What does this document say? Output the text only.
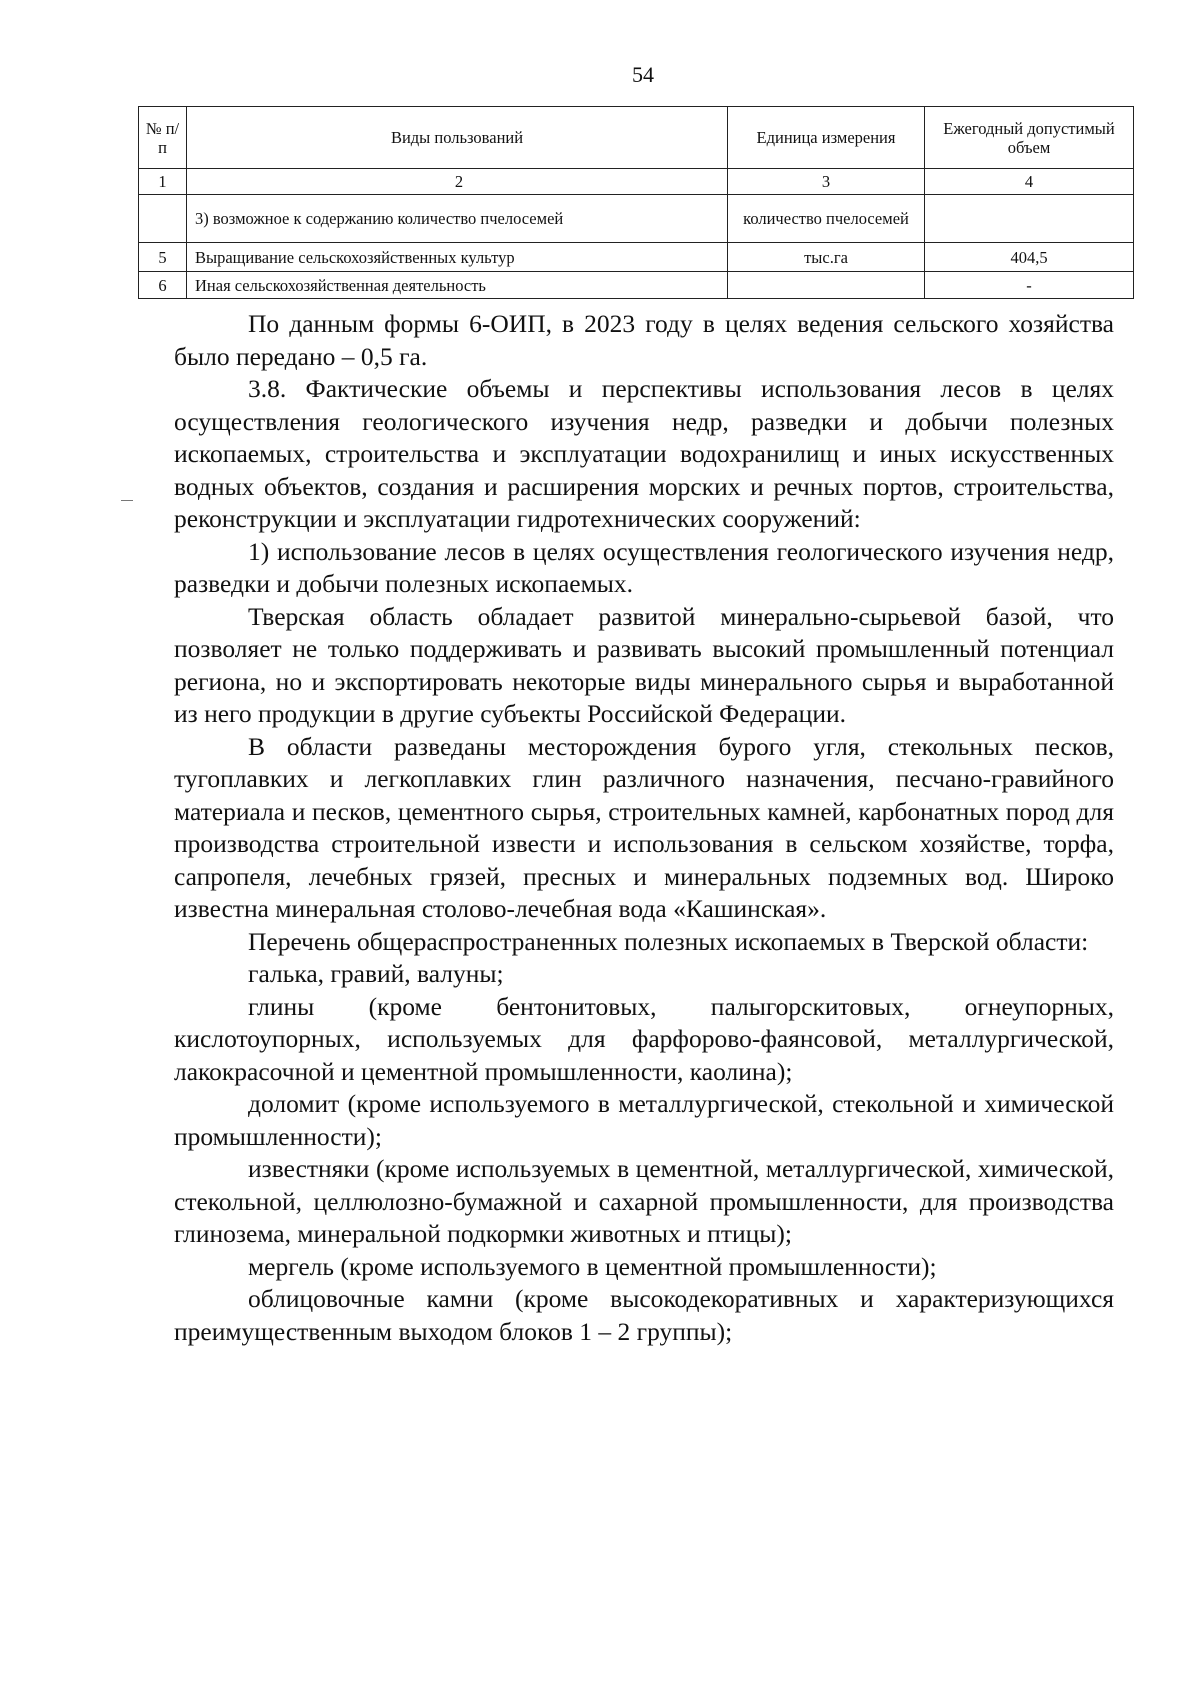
54
№ п/п	Виды пользований	Единица измерения	Ежегодный допустимый объем
1	2	3	4
	3) возможное к содержанию количество пчелосемей	количество пчелосемей	
5	Выращивание сельскохозяйственных культур	тыс.га	404,5
6	Иная сельскохозяйственная деятельность		-

По данным формы 6-ОИП, в 2023 году в целях ведения сельского хозяйства было передано – 0,5 га.

3.8. Фактические объемы и перспективы использования лесов в целях осуществления геологического изучения недр, разведки и добычи полезных ископаемых, строительства и эксплуатации водохранилищ и иных искусственных водных объектов, создания и расширения морских и речных портов, строительства, реконструкции и эксплуатации гидротехнических сооружений:

1) использование лесов в целях осуществления геологического изучения недр, разведки и добычи полезных ископаемых.

Тверская область обладает развитой минерально-сырьевой базой, что позволяет не только поддерживать и развивать высокий промышленный потенциал региона, но и экспортировать некоторые виды минерального сырья и выработанной из него продукции в другие субъекты Российской Федерации.

В области разведаны месторождения бурого угля, стекольных песков, тугоплавких и легкоплавких глин различного назначения, песчано-гравийного материала и песков, цементного сырья, строительных камней, карбонатных пород для производства строительной извести и использования в сельском хозяйстве, торфа, сапропеля, лечебных грязей, пресных и минеральных подземных вод. Широко известна минеральная столово-лечебная вода «Кашинская».

Перечень общераспространенных полезных ископаемых в Тверской области:

галька, гравий, валуны;

глины (кроме бентонитовых, палыгорскитовых, огнеупорных, кислотоупорных, используемых для фарфорово-фаянсовой, металлургической, лакокрасочной и цементной промышленности, каолина);

доломит (кроме используемого в металлургической, стекольной и химической промышленности);

известняки (кроме используемых в цементной, металлургической, химической, стекольной, целлюлозно-бумажной и сахарной промышленности, для производства глинозема, минеральной подкормки животных и птицы);

мергель (кроме используемого в цементной промышленности);

облицовочные камни (кроме высокодекоративных и характеризующихся преимущественным выходом блоков 1 – 2 группы);
